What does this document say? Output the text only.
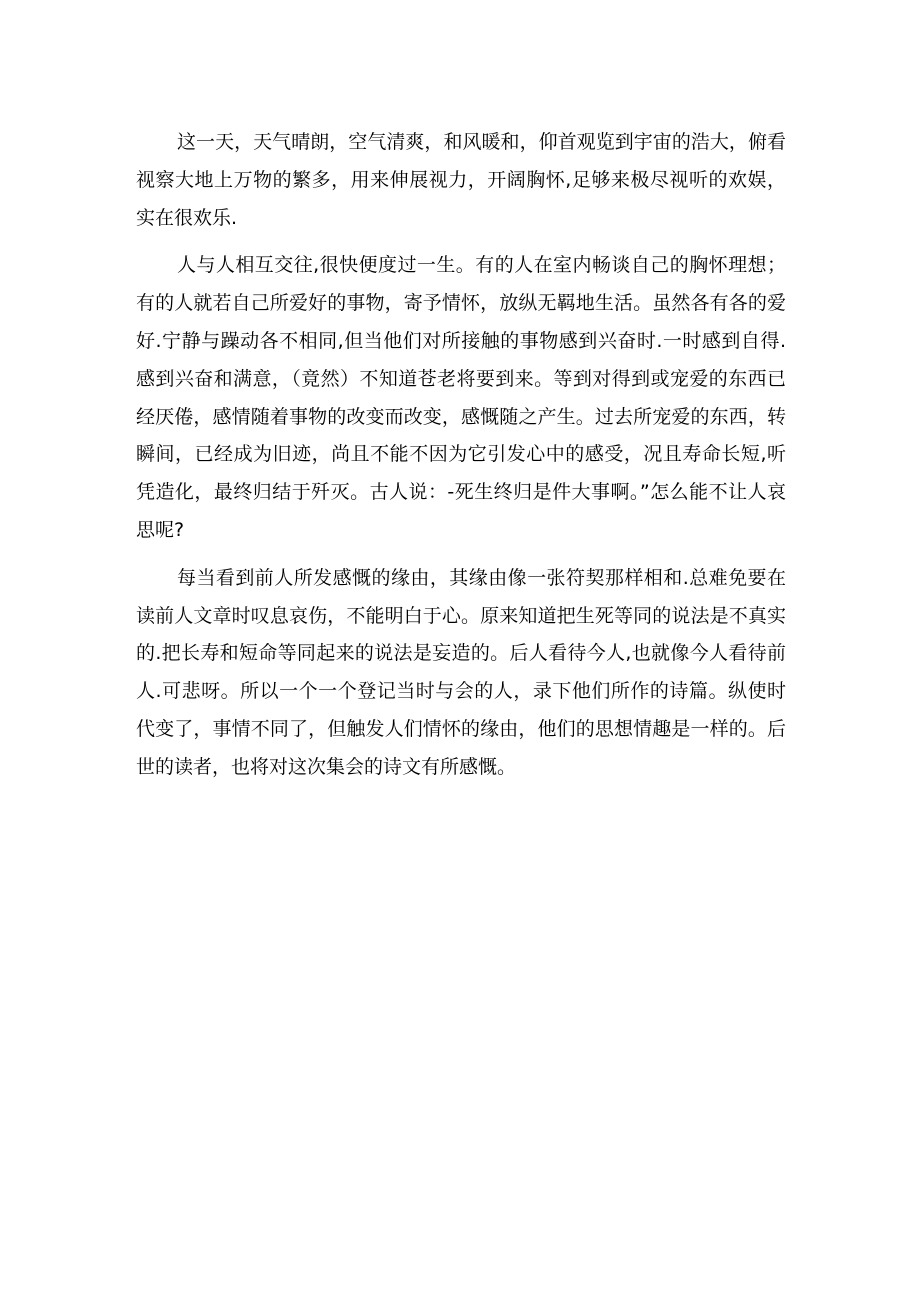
这一天，天气晴朗，空气清爽，和风暖和，仰首观览到宇宙的浩大，俯看视察大地上万物的繁多，用来伸展视力，开阔胸怀,足够来极尽视听的欢娱，实在很欢乐.

人与人相互交往,很快便度过一生。有的人在室内畅谈自己的胸怀理想；有的人就若自己所爱好的事物，寄予情怀，放纵无羁地生活。虽然各有各的爱好.宁静与躁动各不相同,但当他们对所接触的事物感到兴奋时.一时感到自得.感到兴奋和满意，（竟然）不知道苍老将要到来。等到对得到或宠爱的东西已经厌倦，感情随着事物的改变而改变，感慨随之产生。过去所宠爱的东西，转瞬间，已经成为旧迹，尚且不能不因为它引发心中的感受，况且寿命长短,听凭造化，最终归结于歼灭。古人说：-死生终归是件大事啊。”怎么能不让人哀思呢?

每当看到前人所发感慨的缘由，其缘由像一张符契那样相和.总难免要在读前人文章时叹息哀伤，不能明白于心。原来知道把生死等同的说法是不真实的.把长寿和短命等同起来的说法是妄造的。后人看待今人,也就像今人看待前人.可悲呀。所以一个一个登记当时与会的人，录下他们所作的诗篇。纵使时代变了，事情不同了，但触发人们情怀的缘由，他们的思想情趣是一样的。后世的读者，也将对这次集会的诗文有所感慨。
